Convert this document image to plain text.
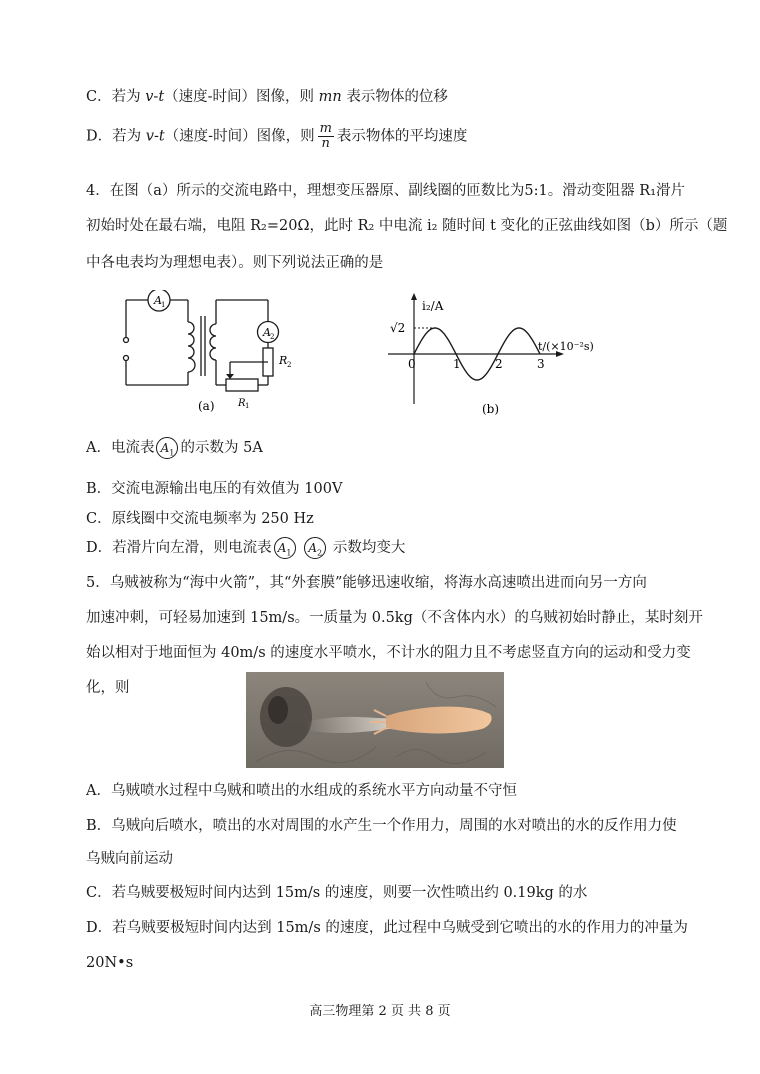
C．若为 v-t（速度-时间）图像，则 mn 表示物体的位移
D．若为 v-t（速度-时间）图像，则 $\frac{m}{n}$ 表示物体的平均速度
4．在图（a）所示的交流电路中，理想变压器原、副线圈的匝数比为5:1。滑动变阻器 R₁滑片
初始时处在最右端，电阻 R₂=20Ω，此时 R₂ 中电流 i₂ 随时间 t 变化的正弦曲线如图（b）所示（题
中各电表均为理想电表）。则下列说法正确的是
A 1
A 2
R 2
R 1
(a)
0	1	2	3
i₂/A
t/(×10⁻²s)
√2
(b)
A．电流表 $A_1$ 的示数为 5A
B．交流电源输出电压的有效值为 100V
C．原线圈中交流电频率为 250 Hz
D．若滑片向左滑，则电流表 $A_1$ $A_2$ 示数均变大
5．乌贼被称为“海中火箭”，其“外套膜”能够迅速收缩，将海水高速喷出进而向另一方向
加速冲刺，可轻易加速到 15m/s。一质量为 0.5kg（不含体内水）的乌贼初始时静止，某时刻开
始以相对于地面恒为 40m/s 的速度水平喷水，不计水的阻力且不考虑竖直方向的运动和受力变
化，则
A．乌贼喷水过程中乌贼和喷出的水组成的系统水平方向动量不守恒
B．乌贼向后喷水，喷出的水对周围的水产生一个作用力，周围的水对喷出的水的反作用力使
乌贼向前运动
C．若乌贼要极短时间内达到 15m/s 的速度，则要一次性喷出约 0.19kg 的水
D．若乌贼要极短时间内达到 15m/s 的速度，此过程中乌贼受到它喷出的水的作用力的冲量为
20N•s
高三物理第 2 页 共 8 页
